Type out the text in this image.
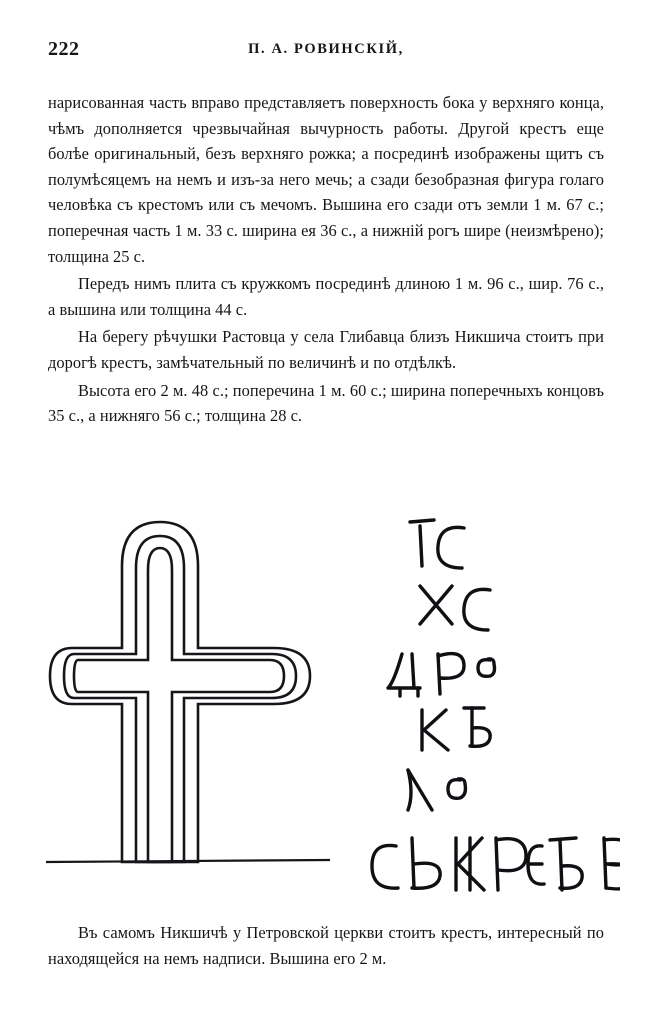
222	П. А. РОВИНСКІЙ,

нарисованная часть вправо представляетъ поверхность бока у верхняго конца, чѣмъ дополняется чрезвычайная вычурность работы. Другой крестъ еще болѣе оригинальный, безъ верхняго рожка; а посрединѣ изображены щитъ съ полумѣсяцемъ на немъ и изъ-за него мечь; а сзади безобразная фигура голаго человѣка съ крестомъ или съ мечомъ. Вышина его сзади отъ земли 1 м. 67 с.; поперечная часть 1 м. 33 с. ширина ея 36 с., а нижній рогъ шире (неизмѣрено); толщина 25 с.

Передъ нимъ плита съ кружкомъ посрединѣ длиною 1 м. 96 с., шир. 76 с., а вышина или толщина 44 с.

На берегу рѣчушки Растовца у села Глибавца близъ Никшича стоитъ при дорогѣ крестъ, замѣчательный по величинѣ и по отдѣлкѣ.

Высота его 2 м. 48 с.; поперечина 1 м. 60 с.; ширина поперечныхъ концовъ 35 с., а нижняго 56 с.; толщина 28 с.

Въ самомъ Никшичѣ у Петровской церкви стоитъ крестъ, интересный по находящейся на немъ надписи. Вышина его 2 м.
